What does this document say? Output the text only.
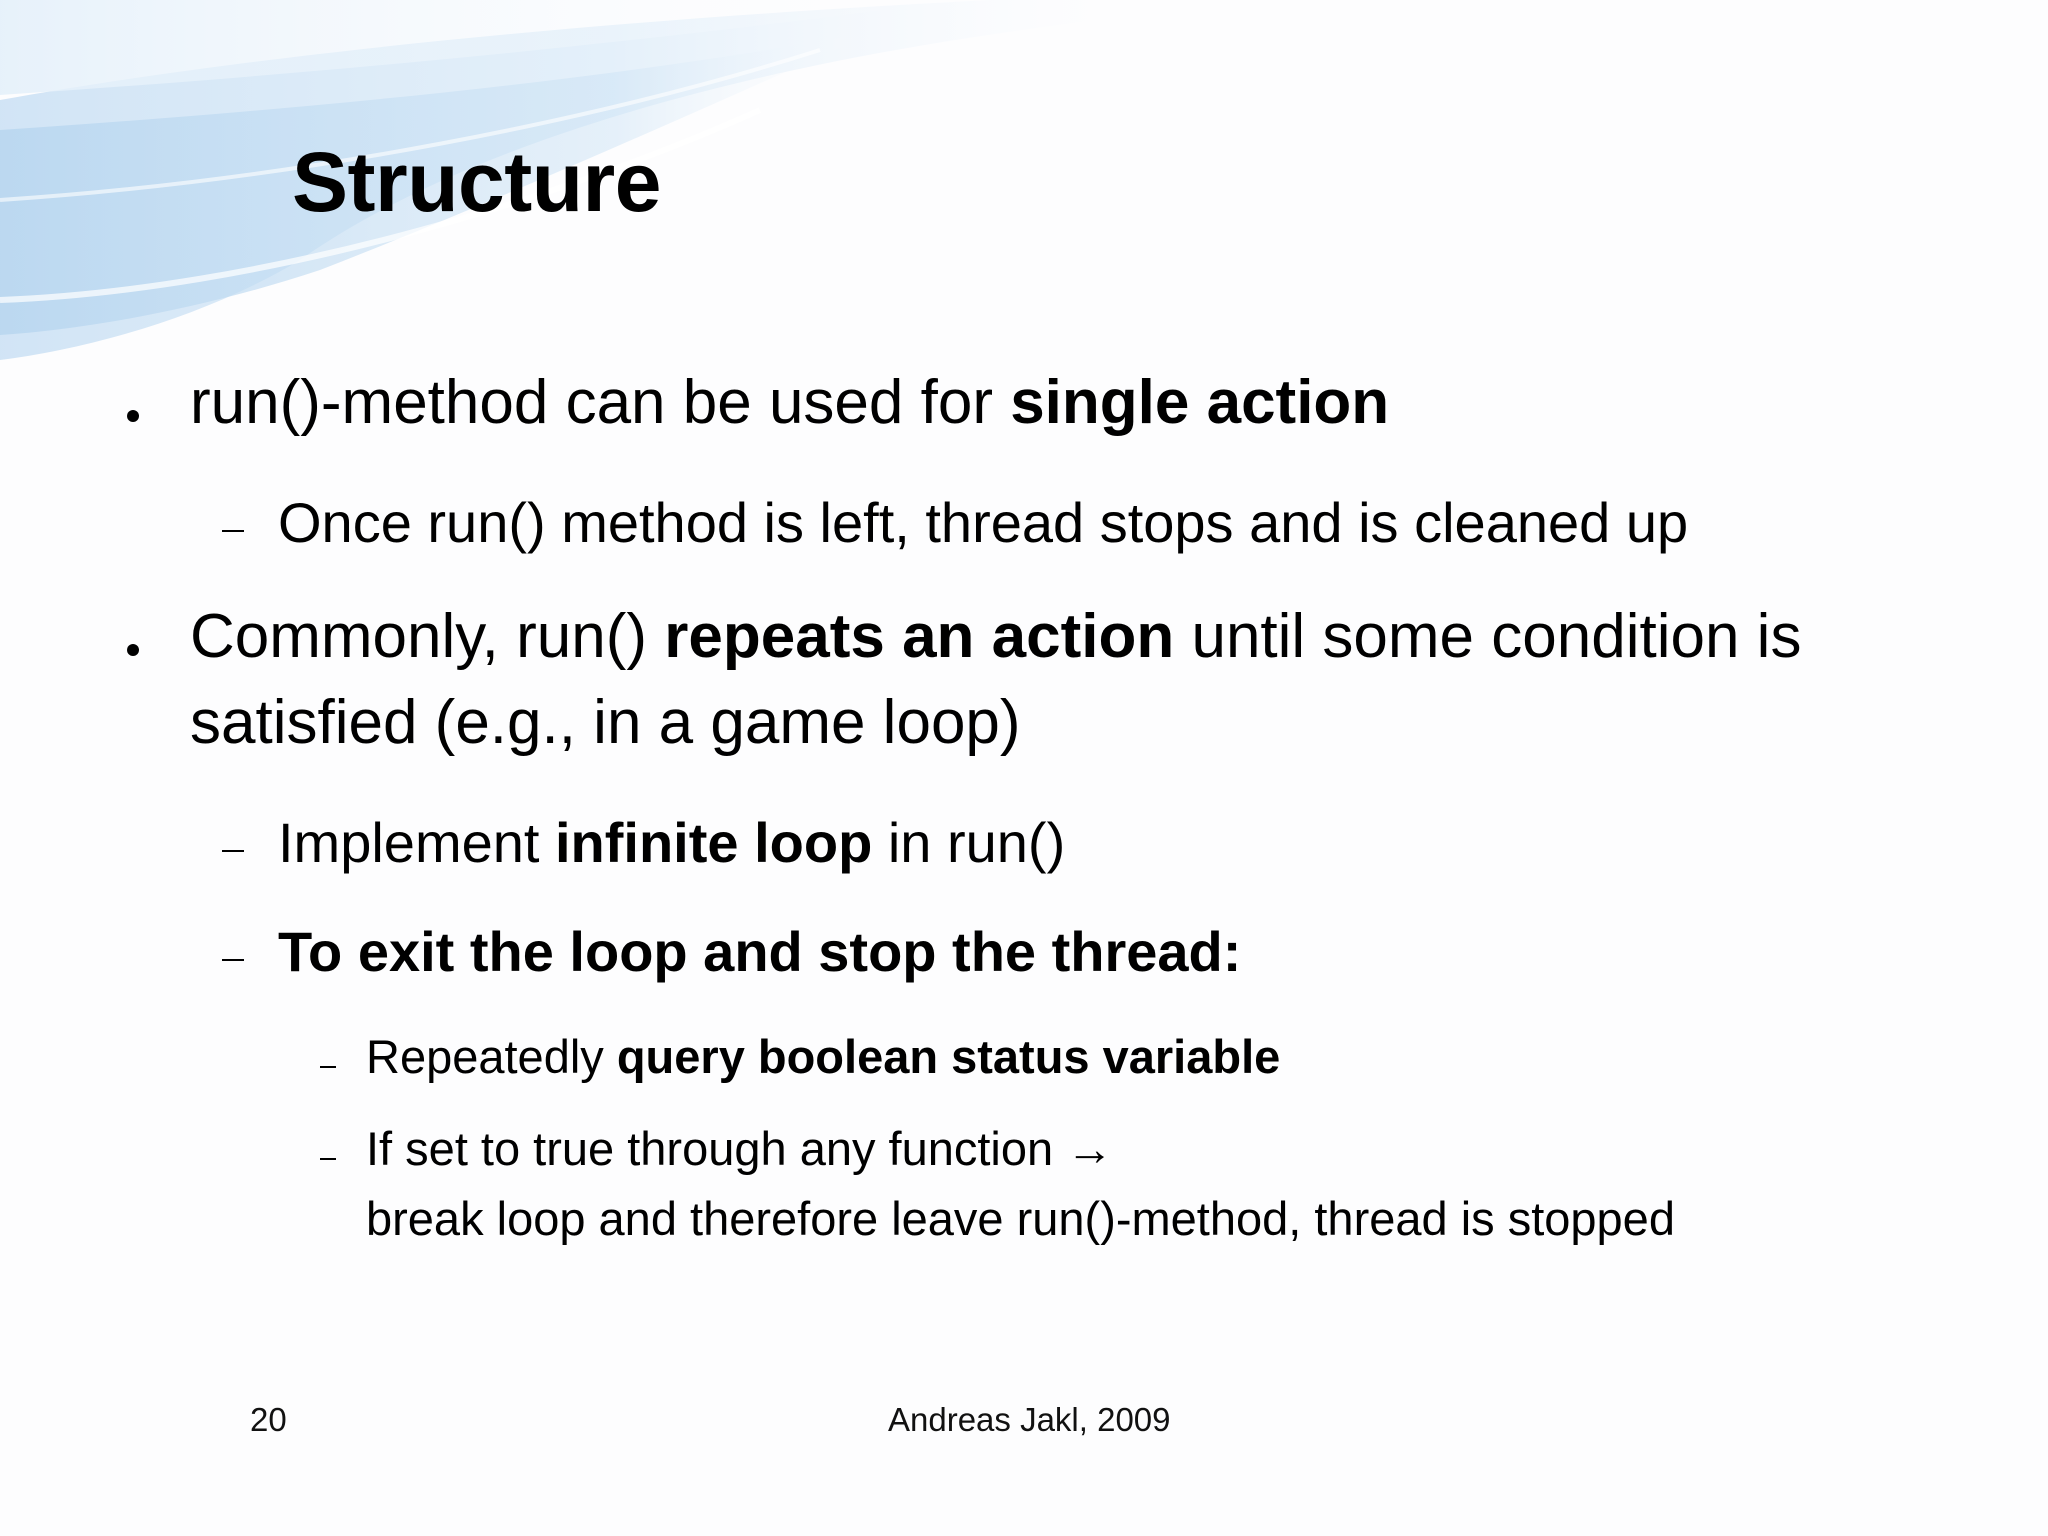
Structure
run()-method can be used for single action
Once run() method is left, thread stops and is cleaned up
Commonly, run() repeats an action until some condition is
satisfied (e.g., in a game loop)
Implement infinite loop in run()
To exit the loop and stop the thread:
Repeatedly query boolean status variable
If set to true through any function →
break loop and therefore leave run()-method, thread is stopped
20	Andreas Jakl, 2009
